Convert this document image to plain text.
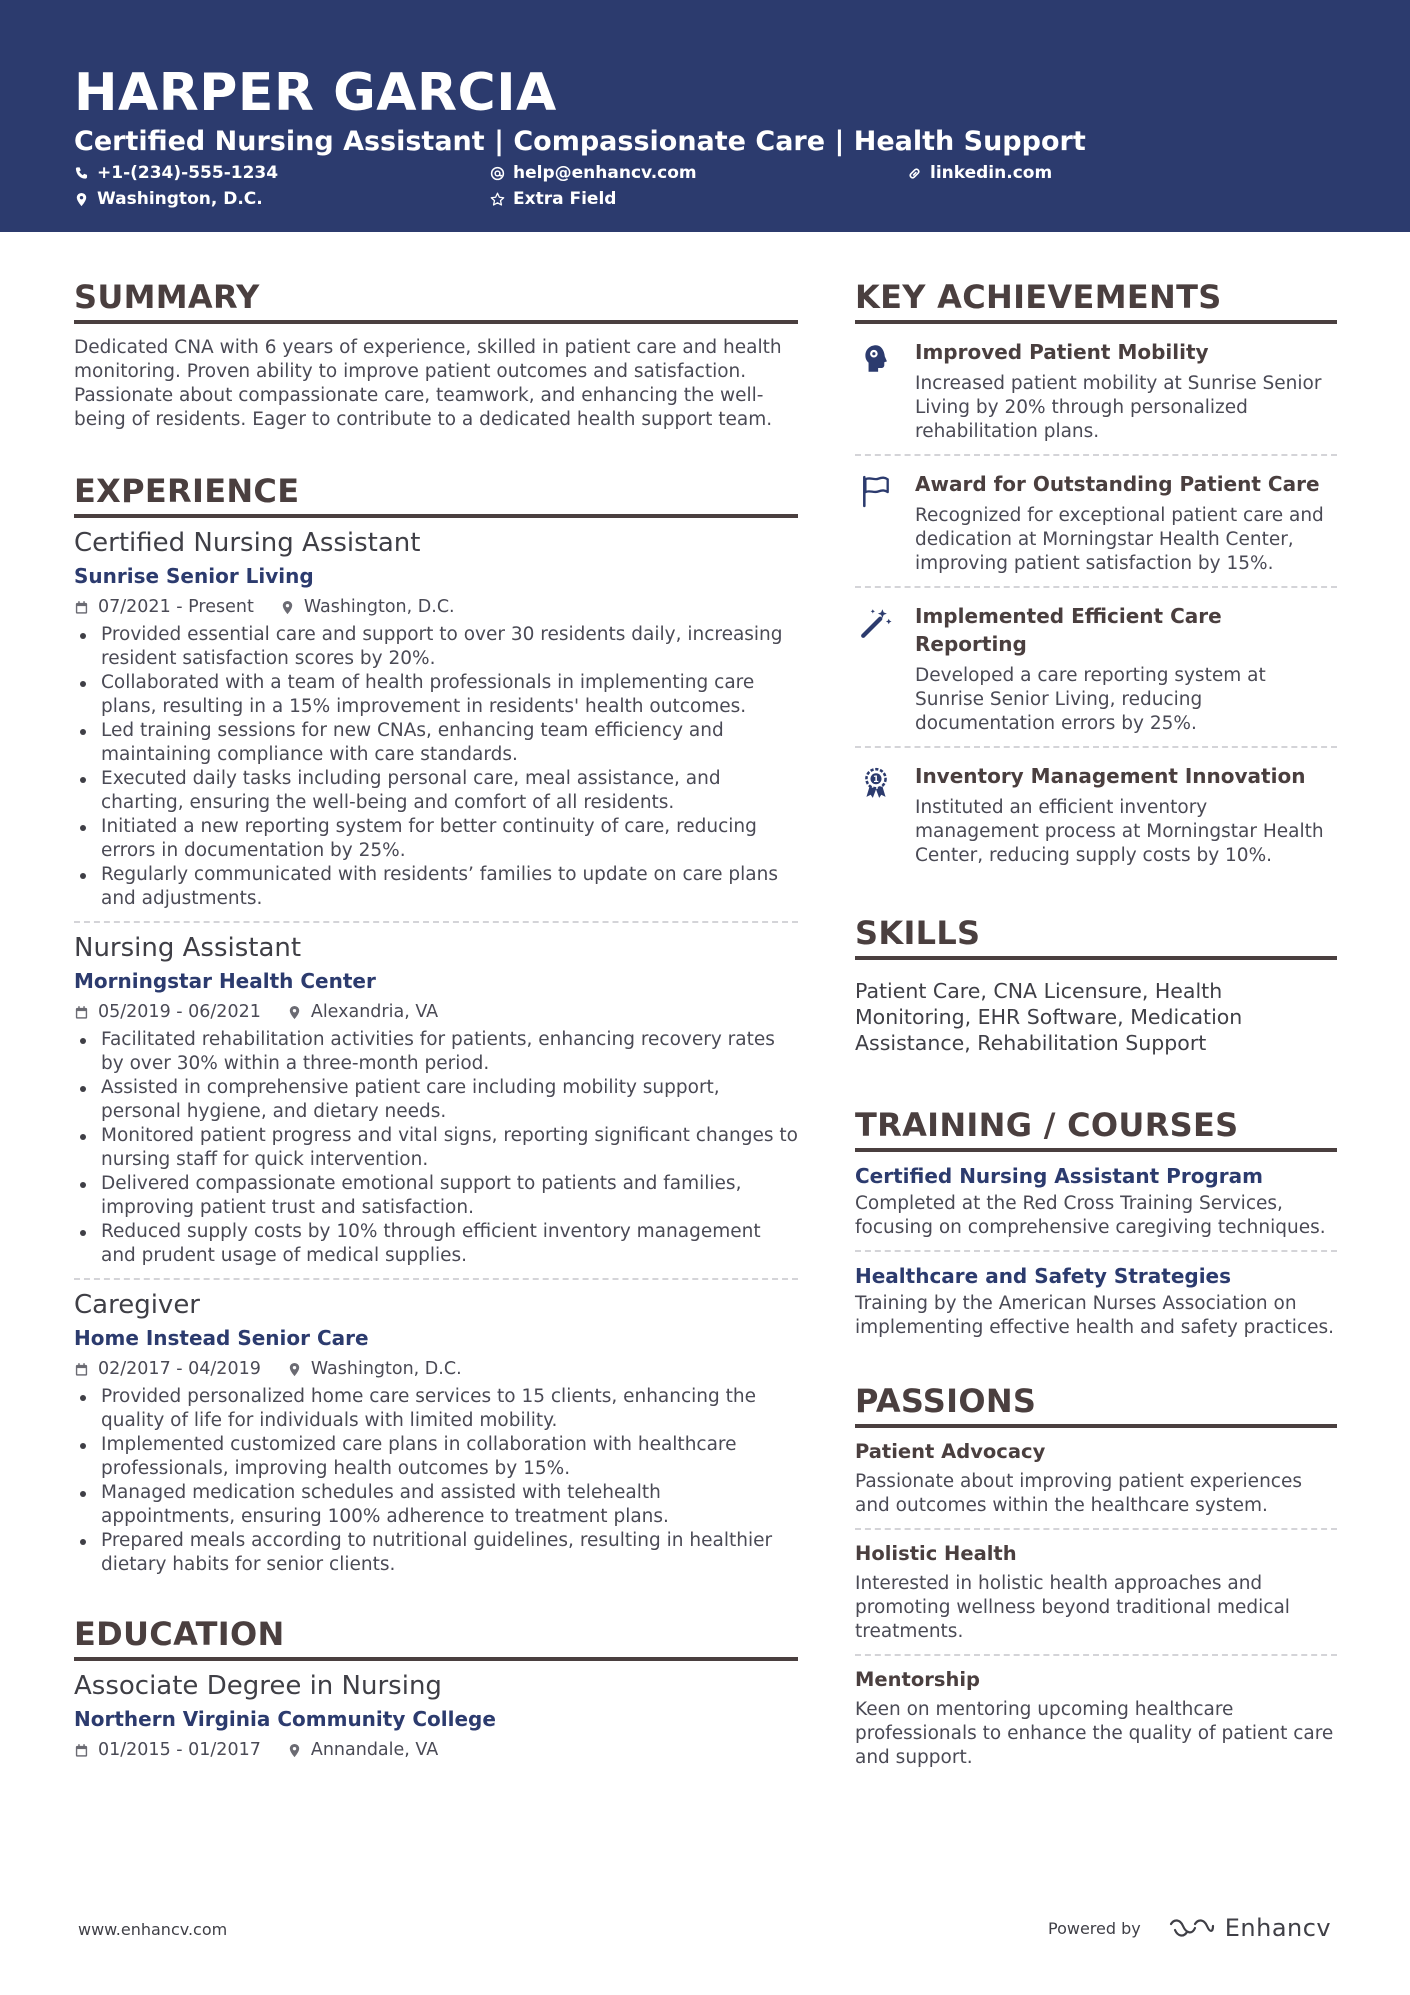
HARPER GARCIA
Certified Nursing Assistant | Compassionate Care | Health Support
+1-(234)-555-1234	help@enhancv.com	linkedin.com
Washington, D.C.	Extra Field
SUMMARY
Dedicated CNA with 6 years of experience, skilled in patient care and health monitoring. Proven ability to improve patient outcomes and satisfaction. Passionate about compassionate care, teamwork, and enhancing the well-being of residents. Eager to contribute to a dedicated health support team.
EXPERIENCE
Certified Nursing Assistant
Sunrise Senior Living
07/2021 - Present	Washington, D.C.
Provided essential care and support to over 30 residents daily, increasing resident satisfaction scores by 20%.
Collaborated with a team of health professionals in implementing care plans, resulting in a 15% improvement in residents' health outcomes.
Led training sessions for new CNAs, enhancing team efficiency and maintaining compliance with care standards.
Executed daily tasks including personal care, meal assistance, and charting, ensuring the well-being and comfort of all residents.
Initiated a new reporting system for better continuity of care, reducing errors in documentation by 25%.
Regularly communicated with residents’ families to update on care plans and adjustments.
Nursing Assistant
Morningstar Health Center
05/2019 - 06/2021	Alexandria, VA
Facilitated rehabilitation activities for patients, enhancing recovery rates by over 30% within a three-month period.
Assisted in comprehensive patient care including mobility support, personal hygiene, and dietary needs.
Monitored patient progress and vital signs, reporting significant changes to nursing staff for quick intervention.
Delivered compassionate emotional support to patients and families, improving patient trust and satisfaction.
Reduced supply costs by 10% through efficient inventory management and prudent usage of medical supplies.
Caregiver
Home Instead Senior Care
02/2017 - 04/2019	Washington, D.C.
Provided personalized home care services to 15 clients, enhancing the quality of life for individuals with limited mobility.
Implemented customized care plans in collaboration with healthcare professionals, improving health outcomes by 15%.
Managed medication schedules and assisted with telehealth appointments, ensuring 100% adherence to treatment plans.
Prepared meals according to nutritional guidelines, resulting in healthier dietary habits for senior clients.
EDUCATION
Associate Degree in Nursing
Northern Virginia Community College
01/2015 - 01/2017	Annandale, VA
KEY ACHIEVEMENTS
Improved Patient Mobility
Increased patient mobility at Sunrise Senior Living by 20% through personalized rehabilitation plans.
Award for Outstanding Patient Care
Recognized for exceptional patient care and dedication at Morningstar Health Center, improving patient satisfaction by 15%.
Implemented Efficient Care Reporting
Developed a care reporting system at Sunrise Senior Living, reducing documentation errors by 25%.
1 Inventory Management Innovation
Instituted an efficient inventory management process at Morningstar Health Center, reducing supply costs by 10%.
SKILLS
Patient Care, CNA Licensure, Health Monitoring, EHR Software, Medication Assistance, Rehabilitation Support
TRAINING / COURSES
Certified Nursing Assistant Program
Completed at the Red Cross Training Services, focusing on comprehensive caregiving techniques.
Healthcare and Safety Strategies
Training by the American Nurses Association on implementing effective health and safety practices.
PASSIONS
Patient Advocacy
Passionate about improving patient experiences and outcomes within the healthcare system.
Holistic Health
Interested in holistic health approaches and promoting wellness beyond traditional medical treatments.
Mentorship
Keen on mentoring upcoming healthcare professionals to enhance the quality of patient care and support.
www.enhancv.com	Powered by	Enhancv
